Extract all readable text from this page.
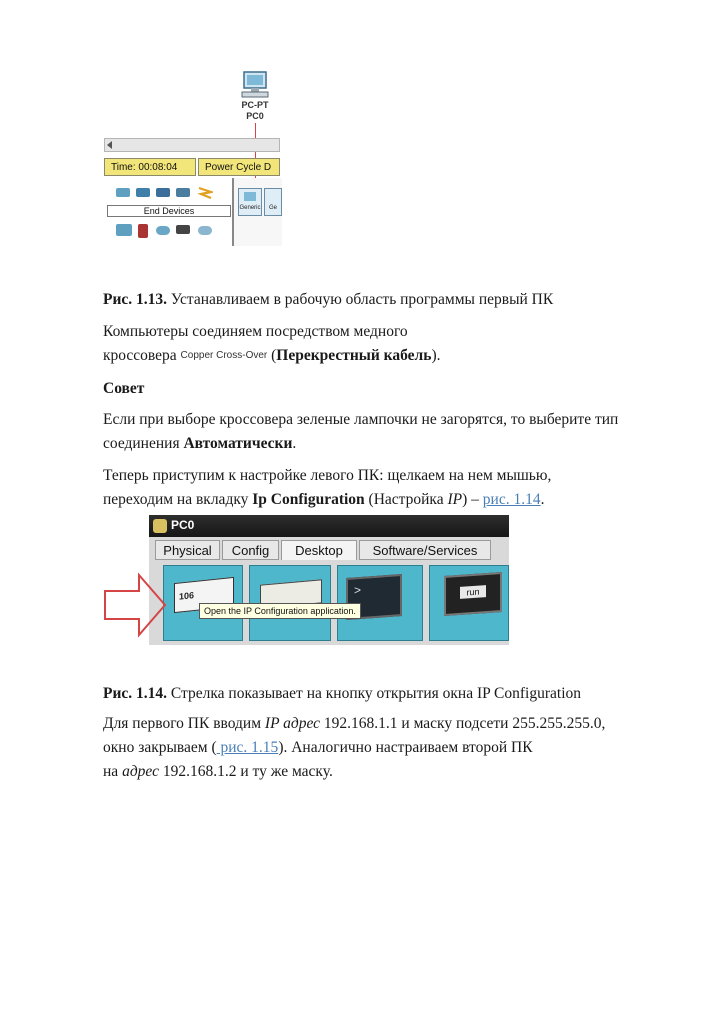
PC-PT
PC0
Time: 00:08:04	Power Cycle D
End Devices	Generic	Ge
Рис. 1.13. Устанавливаем в рабочую область программы первый ПК
Компьютеры соединяем посредством медного
кроссовера Copper Cross-Over (Перекрестный кабель).
Совет
Если при выборе кроссовера зеленые лампочки не загорятся, то выберите тип
соединения Автоматически.
Теперь приступим к настройке левого ПК: щелкаем на нем мышью,
переходим на вкладку Ip Configuration (Настройка IP) – рис. 1.14.
PC0
Physical	Config	Desktop	Software/Services
106	>	run
Open the IP Configuration application.
Рис. 1.14. Стрелка показывает на кнопку открытия окна IP Configuration
Для первого ПК вводим IP адрес 192.168.1.1 и маску подсети 255.255.255.0,
окно закрываем ( рис. 1.15). Аналогично настраиваем второй ПК
на адрес 192.168.1.2 и ту же маску.
